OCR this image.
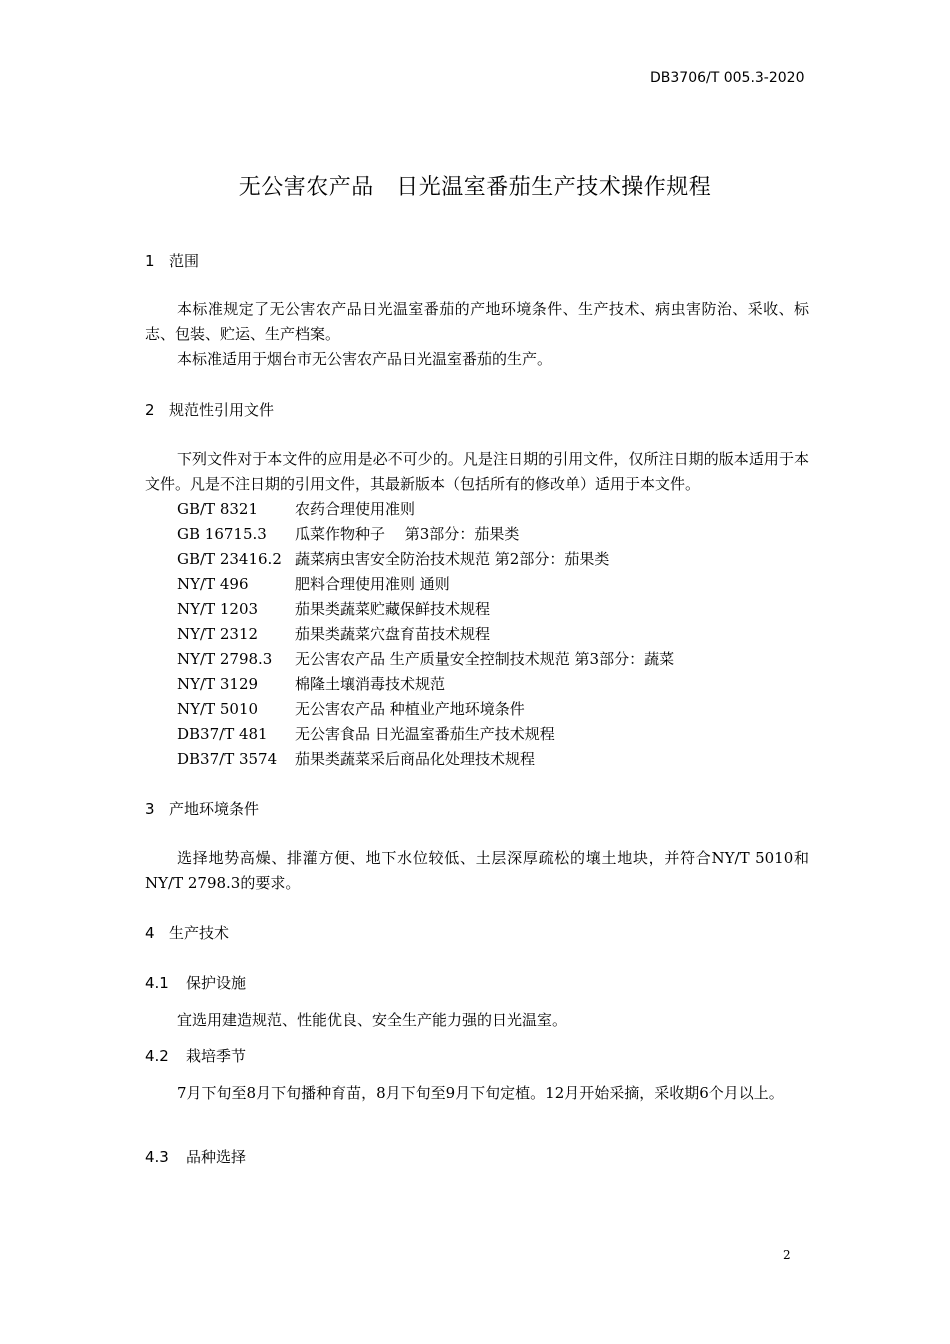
DB3706/T 005.3-2020
无公害农产品　日光温室番茄生产技术操作规程
1 范围

本标准规定了无公害农产品日光温室番茄的产地环境条件、生产技术、病虫害防治、采收、标志、包装、贮运、生产档案。

本标准适用于烟台市无公害农产品日光温室番茄的生产。

2 规范性引用文件

下列文件对于本文件的应用是必不可少的。凡是注日期的引用文件，仅所注日期的版本适用于本文件。凡是不注日期的引用文件，其最新版本（包括所有的修改单）适用于本文件。

GB/T 8321 农药合理使用准则
GB 16715.3 瓜菜作物种子　 第3部分：茄果类
GB/T 23416.2 蔬菜病虫害安全防治技术规范 第2部分：茄果类
NY/T 496	肥料合理使用准则 通则
NY/T 1203 茄果类蔬菜贮藏保鲜技术规程
NY/T 2312 茄果类蔬菜穴盘育苗技术规程
NY/T 2798.3 无公害农产品 生产质量安全控制技术规范 第3部分：蔬菜
NY/T 3129 棉隆土壤消毒技术规范
NY/T 5010 无公害农产品 种植业产地环境条件
DB37/T 481 无公害食品 日光温室番茄生产技术规程
DB37/T 3574 茄果类蔬菜采后商品化处理技术规程
3 产地环境条件

选择地势高燥、排灌方便、地下水位较低、土层深厚疏松的壤土地块，并符合NY/T 5010和NY/T 2798.3的要求。

4 生产技术
4.1 保护设施

宜选用建造规范、性能优良、安全生产能力强的日光温室。

4.2 栽培季节

7月下旬至8月下旬播种育苗，8月下旬至9月下旬定植。12月开始采摘，采收期6个月以上。

4.3 品种选择
2
